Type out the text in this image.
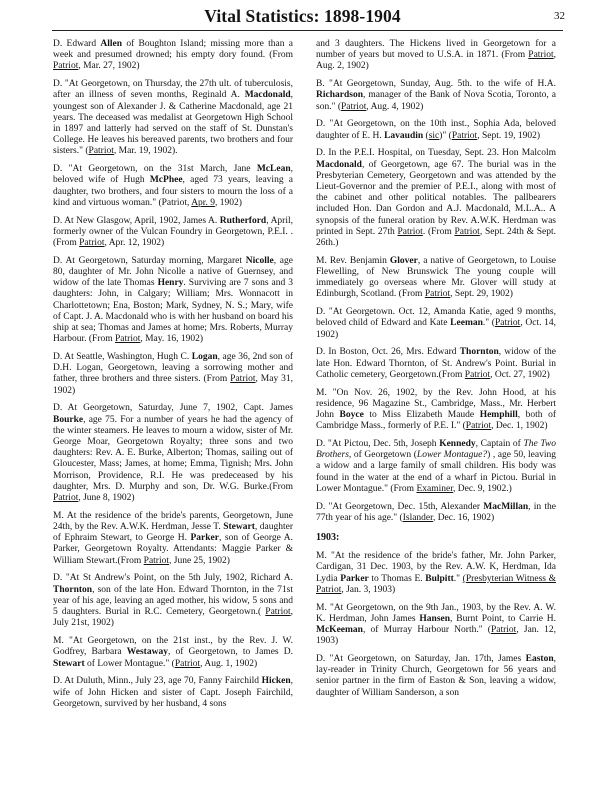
Vital Statistics: 1898-1904	32
D. Edward Allen of Boughton Island; missing more than a week and presumed drowned; his empty dory found. (From Patriot, Mar. 27, 1902)
D. "At Georgetown, on Thursday, the 27th ult. of tuberculosis, after an illness of seven months, Reginald A. Macdonald, youngest son of Alexander J. & Catherine Macdonald, age 21 years. The deceased was medalist at Georgetown High School in 1897 and latterly had served on the staff of St. Dunstan's College. He leaves his bereaved parents, two brothers and four sisters." (Patriot, Mar. 19, 1902).
D. "At Georgetown, on the 31st March, Jane McLean, beloved wife of Hugh McPhee, aged 73 years, leaving a daughter, two brothers, and four sisters to mourn the loss of a kind and virtuous woman." (Patriot, Apr. 9, 1902)
D. At New Glasgow, April, 1902, James A. Rutherford, April, formerly owner of the Vulcan Foundry in Georgetown, P.E.I. . (From Patriot, Apr. 12, 1902)
D. At Georgetown, Saturday morning, Margaret Nicolle, age 80, daughter of Mr. John Nicolle a native of Guernsey, and widow of the late Thomas Henry. Surviving are 7 sons and 3 daughters: John, in Calgary; William; Mrs. Wonnacott in Charlottetown; Ena, Boston; Mark, Sydney, N. S.; Mary, wife of Capt. J. A. Macdonald who is with her husband on board his ship at sea; Thomas and James at home; Mrs. Roberts, Murray Harbour. (From Patriot, May. 16, 1902)
D. At Seattle, Washington, Hugh C. Logan, age 36, 2nd son of D.H. Logan, Georgetown, leaving a sorrowing mother and father, three brothers and three sisters. (From Patriot, May 31, 1902)
D. At Georgetown, Saturday, June 7, 1902, Capt. James Bourke, age 75. For a number of years he had the agency of the winter steamers. He leaves to mourn a widow, sister of Mr. George Moar, Georgetown Royalty; three sons and two daughters: Rev. A. E. Burke, Alberton; Thomas, sailing out of Gloucester, Mass; James, at home; Emma, Tignish; Mrs. John Morrison, Providence, R.I. He was predeceased by his daughter, Mrs. D. Murphy and son, Dr. W.G. Burke.(From Patriot, June 8, 1902)
M. At the residence of the bride's parents, Georgetown, June 24th, by the Rev. A.W.K. Herdman, Jesse T. Stewart, daughter of Ephraim Stewart, to George H. Parker, son of George A. Parker, Georgetown Royalty. Attendants: Maggie Parker & William Stewart.(From Patriot, June 25, 1902)
D. "At St Andrew's Point, on the 5th July, 1902, Richard A. Thornton, son of the late Hon. Edward Thornton, in the 71st year of his age, leaving an aged mother, his widow, 5 sons and 5 daughters. Burial in R.C. Cemetery, Georgetown.( Patriot, July 21st, 1902)
M. "At Georgetown, on the 21st inst., by the Rev. J. W. Godfrey, Barbara Westaway, of Georgetown, to James D. Stewart of Lower Montague." (Patriot, Aug. 1, 1902)
D. At Duluth, Minn., July 23, age 70, Fanny Fairchild Hicken, wife of John Hicken and sister of Capt. Joseph Fairchild, Georgetown, survived by her husband, 4 sons
and 3 daughters. The Hickens lived in Georgetown for a number of years but moved to U.S.A. in 1871. (From Patriot, Aug. 2, 1902)
B. "At Georgetown, Sunday, Aug. 5th. to the wife of H.A. Richardson, manager of the Bank of Nova Scotia, Toronto, a son." (Patriot, Aug. 4, 1902)
D. "At Georgetown, on the 10th inst., Sophia Ada, beloved daughter of E. H. Lavaudin (sic)" (Patriot, Sept. 19, 1902)
D. In the P.E.I. Hospital, on Tuesday, Sept. 23. Hon Malcolm Macdonald, of Georgetown, age 67. The burial was in the Presbyterian Cemetery, Georgetown and was attended by the Lieut-Governor and the premier of P.E.I., along with most of the cabinet and other political notables. The pallbearers included Hon. Dan Gordon and A.J. Macdonald, M.L.A.. A synopsis of the funeral oration by Rev. A.W.K. Herdman was printed in Sept. 27th Patriot. (From Patriot, Sept. 24th & Sept. 26th.)
M. Rev. Benjamin Glover, a native of Georgetown, to Louise Flewelling, of New Brunswick The young couple will immediately go overseas where Mr. Glover will study at Edinburgh, Scotland. (From Patriot, Sept. 29, 1902)
D. "At Georgetown. Oct. 12, Amanda Katie, aged 9 months, beloved child of Edward and Kate Leeman." (Patriot, Oct. 14, 1902)
D. In Boston, Oct. 26, Mrs. Edward Thornton, widow of the late Hon. Edward Thornton, of St. Andrew's Point. Burial in Catholic cemetery, Georgetown.(From Patriot, Oct. 27, 1902)
M. "On Nov. 26, 1902, by the Rev. John Hood, at his residence, 96 Magazine St., Cambridge, Mass., Mr. Herbert John Boyce to Miss Elizabeth Maude Hemphill, both of Cambridge Mass., formerly of P.E. I." (Patriot, Dec. 1, 1902)
D. "At Pictou, Dec. 5th, Joseph Kennedy, Captain of The Two Brothers, of Georgetown (Lower Montague?) , age 50, leaving a widow and a large family of small children. His body was found in the water at the end of a wharf in Pictou. Burial in Lower Montague." (From Examiner, Dec. 9, 1902.)
D. "At Georgetown, Dec. 15th, Alexander MacMillan, in the 77th year of his age." (Islander, Dec. 16, 1902)
1903:
M. "At the residence of the bride's father, Mr. John Parker, Cardigan, 31 Dec. 1903, by the Rev. A.W. K, Herdman, Ida Lydia Parker to Thomas E. Bulpitt." (Presbyterian Witness & Patriot, Jan. 3, 1903)
M. "At Georgetown, on the 9th Jan., 1903, by the Rev. A. W. K. Herdman, John James Hansen, Burnt Point, to Carrie H. McKeeman, of Murray Harbour North." (Patriot, Jan. 12, 1903)
D. "At Georgetown, on Saturday, Jan. 17th, James Easton, lay-reader in Trinity Church, Georgetown for 56 years and senior partner in the firm of Easton & Son, leaving a widow, daughter of William Sanderson, a son
